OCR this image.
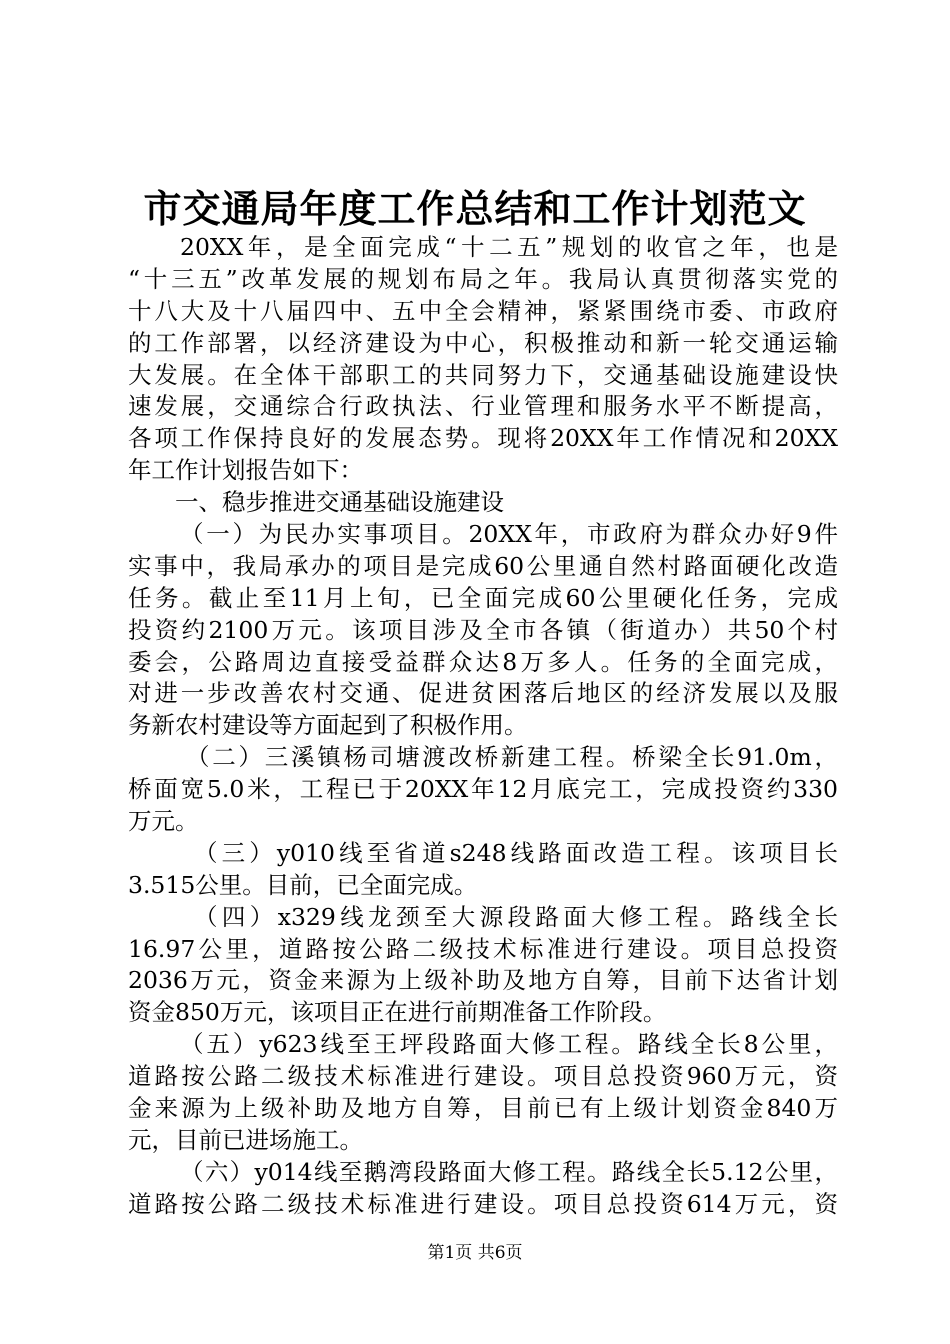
市交通局年度工作总结和工作计划范文
20XX年，是全面完成“十二五”规划的收官之年，也是
“十三五”改革发展的规划布局之年。我局认真贯彻落实党的
十八大及十八届四中、五中全会精神，紧紧围绕市委、市政府
的工作部署，以经济建设为中心，积极推动和新一轮交通运输
大发展。在全体干部职工的共同努力下，交通基础设施建设快
速发展，交通综合行政执法、行业管理和服务水平不断提高，
各项工作保持良好的发展态势。现将20XX年工作情况和20XX
年工作计划报告如下：
一、稳步推进交通基础设施建设
（一）为民办实事项目。20XX年，市政府为群众办好9件
实事中，我局承办的项目是完成60公里通自然村路面硬化改造
任务。截止至11月上旬，已全面完成60公里硬化任务，完成
投资约2100万元。该项目涉及全市各镇（街道办）共50个村
委会，公路周边直接受益群众达8万多人。任务的全面完成，
对进一步改善农村交通、促进贫困落后地区的经济发展以及服
务新农村建设等方面起到了积极作用。
（二）三溪镇杨司塘渡改桥新建工程。桥梁全长91.0m，
桥面宽5.0米，工程已于20XX年12月底完工，完成投资约330
万元。
（三）y010线至省道s248线路面改造工程。该项目长
3.515公里。目前，已全面完成。
（四）x329线龙颈至大源段路面大修工程。路线全长
16.97公里，道路按公路二级技术标准进行建设。项目总投资
2036万元，资金来源为上级补助及地方自筹，目前下达省计划
资金850万元，该项目正在进行前期准备工作阶段。
（五）y623线至王坪段路面大修工程。路线全长8公里，
道路按公路二级技术标准进行建设。项目总投资960万元，资
金来源为上级补助及地方自筹，目前已有上级计划资金840万
元，目前已进场施工。
（六）y014线至鹅湾段路面大修工程。路线全长5.12公里，
道路按公路二级技术标准进行建设。项目总投资614万元，资
第1页 共6页
